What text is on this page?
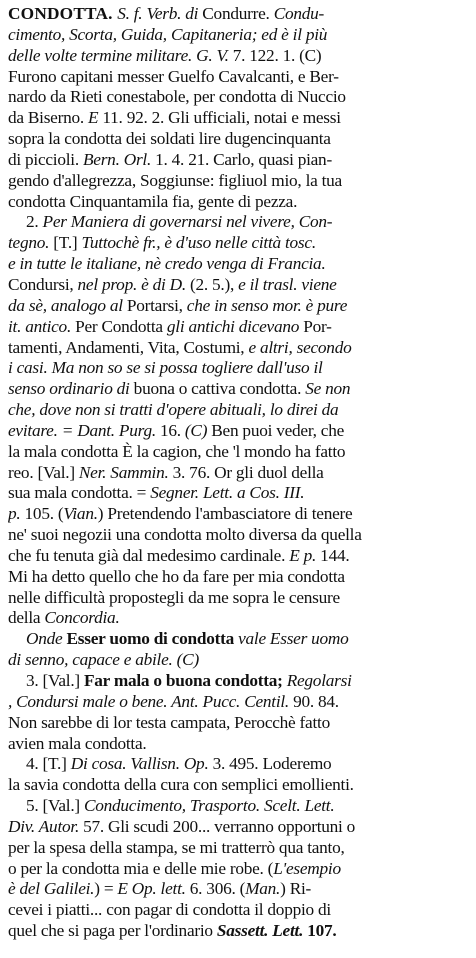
CONDOTTA. S. f. Verb. di Condurre. Condu-
cimento, Scorta, Guida, Capitaneria; ed è il più
delle volte termine militare. G. V. 7. 122. 1. (C)
Furono capitani messer Guelfo Cavalcanti, e Ber-
nardo da Rieti conestabole, per condotta di Nuccio
da Biserno. E 11. 92. 2. Gli ufficiali, notai e messi
sopra la condotta dei soldati lire dugencinquanta
di piccioli. Bern. Orl. 1. 4. 21. Carlo, quasi pian-
gendo d'allegrezza, Soggiunse: figliuol mio, la tua
condotta Cinquantamila fia, gente di pezza.
2. Per Maniera di governarsi nel vivere, Con-
tegno. [T.] Tuttochè fr., è d'uso nelle città tosc.
e in tutte le italiane, nè credo venga di Francia.
Condursi, nel prop. è di D. (2. 5.), e il trasl. viene
da sè, analogo al Portarsi, che in senso mor. è pure
it. antico. Per Condotta gli antichi dicevano Por-
tamenti, Andamenti, Vita, Costumi, e altri, secondo
i casi. Ma non so se si possa togliere dall'uso il
senso ordinario di buona o cattiva condotta. Se non
che, dove non si tratti d'opere abituali, lo direi da
evitare. = Dant. Purg. 16. (C) Ben puoi veder, che
la mala condotta È la cagion, che 'l mondo ha fatto
reo. [Val.] Ner. Sammin. 3. 76. Or gli duol della
sua mala condotta. = Segner. Lett. a Cos. III.
p. 105. (Vian.) Pretendendo l'ambasciatore di tenere
ne' suoi negozii una condotta molto diversa da quella
che fu tenuta già dal medesimo cardinale. E p. 144.
Mi ha detto quello che ho da fare per mia condotta
nelle difficultà propostegli da me sopra le censure
della Concordia.
Onde Esser uomo di condotta vale Esser uomo
di senno, capace e abile. (C)
3. [Val.] Far mala o buona condotta; Regolarsi
, Condursi male o bene. Ant. Pucc. Centil. 90. 84.
Non sarebbe di lor testa campata, Perocchè fatto
avien mala condotta.
4. [T.] Di cosa. Vallisn. Op. 3. 495. Loderemo
la savia condotta della cura con semplici emollienti.
5. [Val.] Conducimento, Trasporto. Scelt. Lett.
Div. Autor. 57. Gli scudi 200... verranno opportuni o
per la spesa della stampa, se mi tratterrò qua tanto,
o per la condotta mia e delle mie robe. (L'esempio
è del Galilei.) = E Op. lett. 6. 306. (Man.) Ri-
cevei i piatti... con pagar di condotta il doppio di
quel che si paga per l'ordinario Sassett. Lett. 107.
